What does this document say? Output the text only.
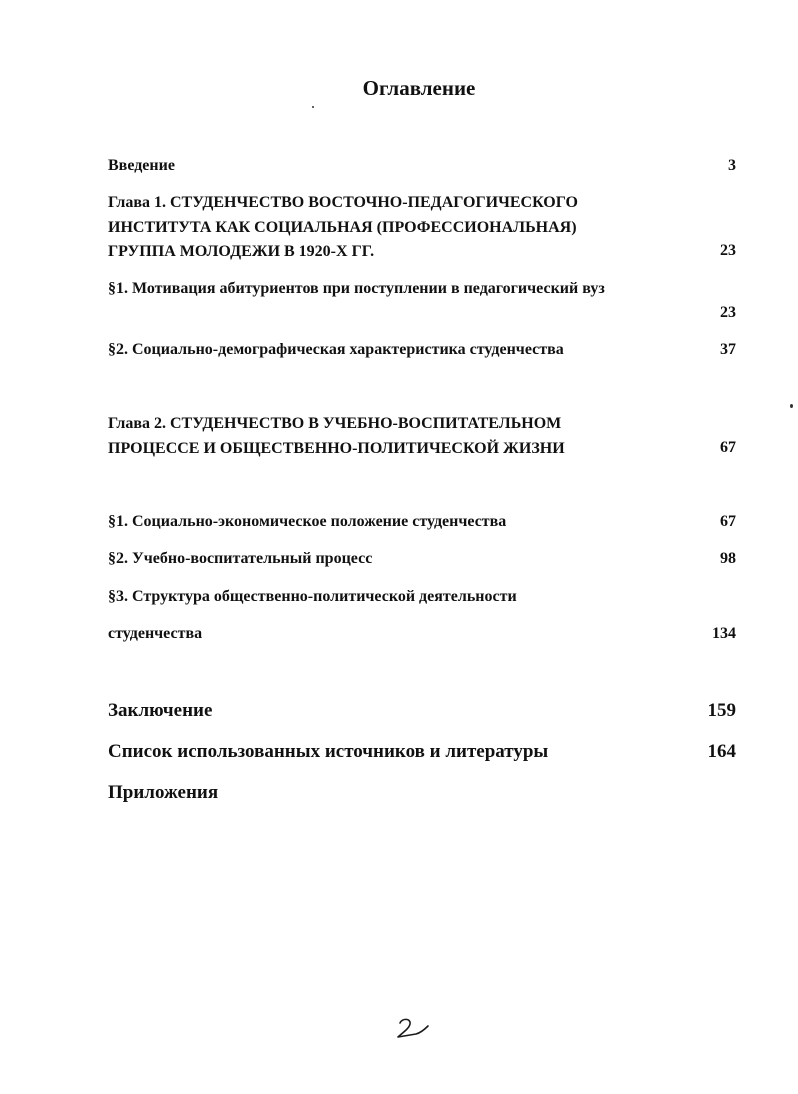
Оглавление
Введение	3
Глава 1. СТУДЕНЧЕСТВО ВОСТОЧНО-ПЕДАГОГИЧЕСКОГО
ИНСТИТУТА КАК СОЦИАЛЬНАЯ (ПРОФЕССИОНАЛЬНАЯ)
ГРУППА МОЛОДЕЖИ В 1920-Х ГГ.	23
§1. Мотивация абитуриентов при поступлении в педагогический вуз
23
§2. Социально-демографическая характеристика студенчества	37
Глава 2. СТУДЕНЧЕСТВО В УЧЕБНО-ВОСПИТАТЕЛЬНОМ
ПРОЦЕССЕ И ОБЩЕСТВЕННО-ПОЛИТИЧЕСКОЙ ЖИЗНИ	67
§1. Социально-экономическое положение студенчества	67
§2. Учебно-воспитательный процесс	98
§3. Структура общественно-политической деятельности
студенчества	134
Заключение	159
Список использованных источников и литературы	164
Приложения
